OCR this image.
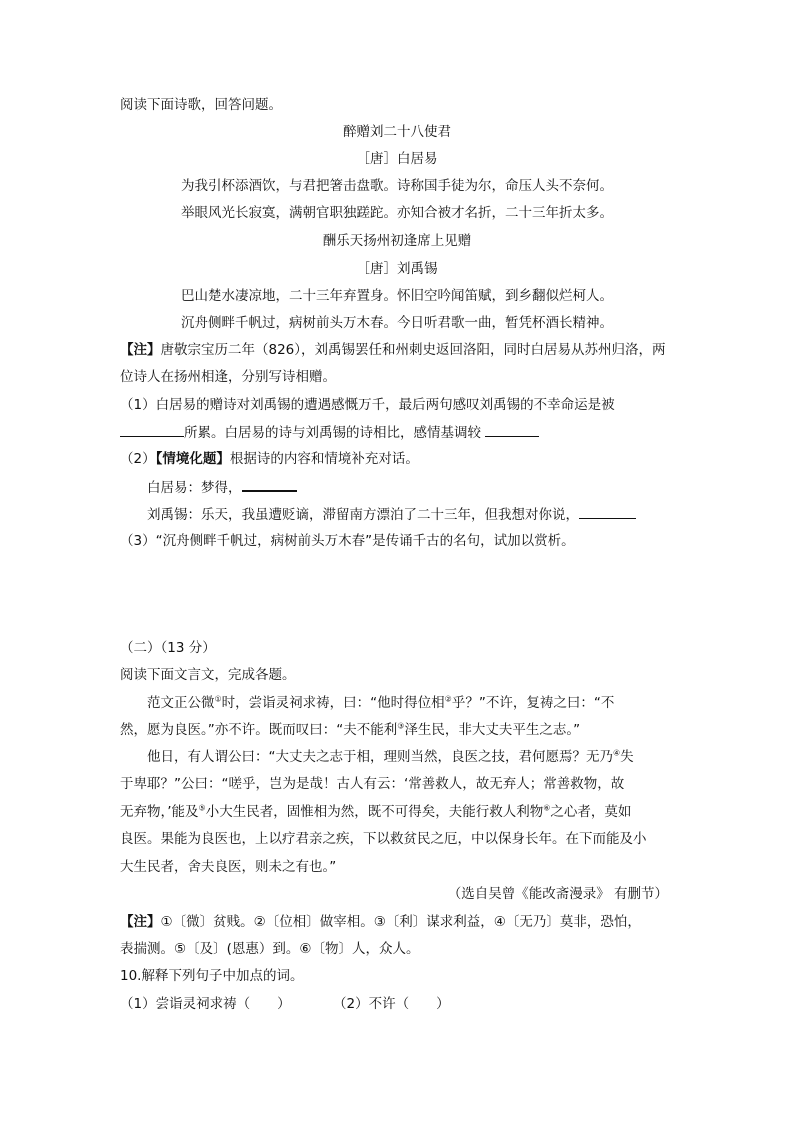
阅读下面诗歌，回答问题。
醉赠刘二十八使君
［唐］白居易
为我引杯添酒饮，与君把箸击盘歌。诗称国手徒为尔，命压人头不奈何。
举眼风光长寂寞，满朝官职独蹉跎。亦知合被才名折，二十三年折太多。
酬乐天扬州初逢席上见赠
［唐］刘禹锡
巴山楚水凄凉地，二十三年弃置身。怀旧空吟闻笛赋，到乡翻似烂柯人。
沉舟侧畔千帆过，病树前头万木春。今日听君歌一曲，暂凭杯酒长精神。
【注】唐敬宗宝历二年（826），刘禹锡罢任和州刺史返回洛阳，同时白居易从苏州归洛，两
位诗人在扬州相逢，分别写诗相赠。
（1）白居易的赠诗对刘禹锡的遭遇感慨万千，最后两句感叹刘禹锡的不幸命运是被
所累。白居易的诗与刘禹锡的诗相比，感情基调较
（2）【情境化题】根据诗的内容和情境补充对话。
白居易：梦得，
刘禹锡：乐天，我虽遭贬谪，滞留南方漂泊了二十三年，但我想对你说，
（3）“沉舟侧畔千帆过，病树前头万木春”是传诵千古的名句，试加以赏析。
（二）（13 分）
阅读下面文言文，完成各题。
范文正公微①时，尝诣灵祠求祷，曰：“他时得位相②乎？”不许，复祷之曰：“不
然，愿为良医。”亦不许。既而叹曰：“夫不能利③泽生民，非大丈夫平生之志。”
他日，有人谓公曰：“大丈夫之志于相，理则当然，良医之技，君何愿焉？无乃④失
于卑耶？”公曰：“嗟乎，岂为是哉！古人有云：‘常善救人，故无弃人；常善救物，故
无弃物，’能及⑤小大生民者，固惟相为然，既不可得矣，夫能行救人利物⑥之心者，莫如
良医。果能为良医也，上以疗君亲之疾，下以救贫民之厄，中以保身长年。在下而能及小
大生民者，舍夫良医，则未之有也。”
（选自吴曾《能改斋漫录》 有删节）
【注】①〔微〕贫贱。②〔位相〕做宰相。③〔利〕谋求利益，④〔无乃〕莫非，恐怕，
表揣测。⑤〔及〕(恩惠）到。⑥〔物〕人，众人。
10.解释下列句子中加点的词。
（1）尝诣灵祠求祷（　　）	（2）不许（　　）
